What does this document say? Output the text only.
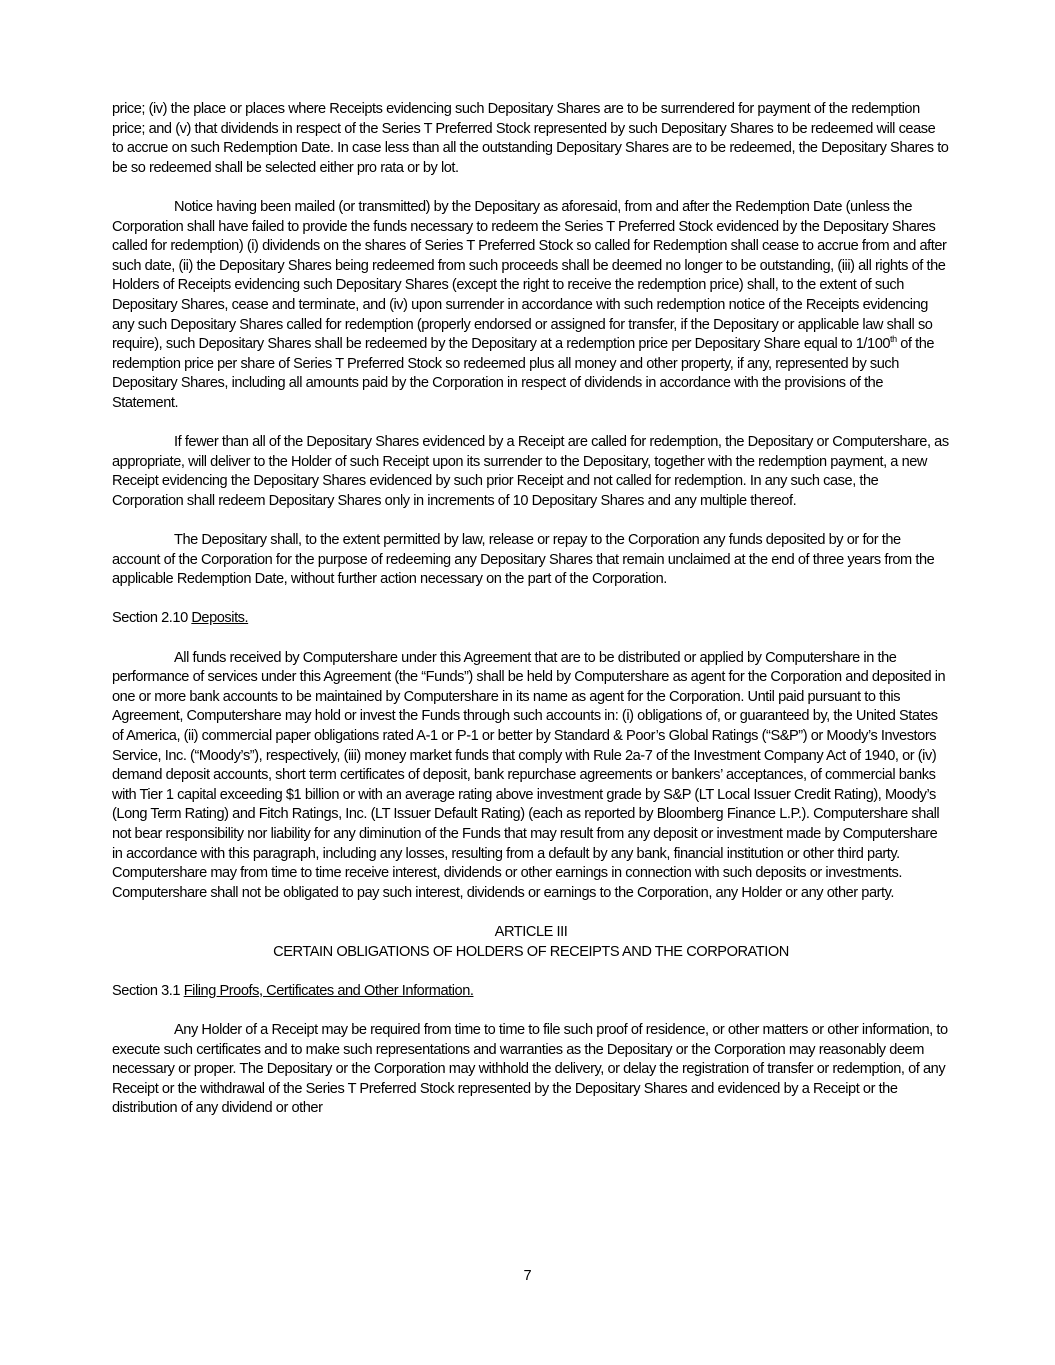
price; (iv) the place or places where Receipts evidencing such Depositary Shares are to be surrendered for payment of the redemption price; and (v) that dividends in respect of the Series T Preferred Stock represented by such Depositary Shares to be redeemed will cease to accrue on such Redemption Date. In case less than all the outstanding Depositary Shares are to be redeemed, the Depositary Shares to be so redeemed shall be selected either pro rata or by lot.

Notice having been mailed (or transmitted) by the Depositary as aforesaid, from and after the Redemption Date (unless the Corporation shall have failed to provide the funds necessary to redeem the Series T Preferred Stock evidenced by the Depositary Shares called for redemption) (i) dividends on the shares of Series T Preferred Stock so called for Redemption shall cease to accrue from and after such date, (ii) the Depositary Shares being redeemed from such proceeds shall be deemed no longer to be outstanding, (iii) all rights of the Holders of Receipts evidencing such Depositary Shares (except the right to receive the redemption price) shall, to the extent of such Depositary Shares, cease and terminate, and (iv) upon surrender in accordance with such redemption notice of the Receipts evidencing any such Depositary Shares called for redemption (properly endorsed or assigned for transfer, if the Depositary or applicable law shall so require), such Depositary Shares shall be redeemed by the Depositary at a redemption price per Depositary Share equal to 1/100th of the redemption price per share of Series T Preferred Stock so redeemed plus all money and other property, if any, represented by such Depositary Shares, including all amounts paid by the Corporation in respect of dividends in accordance with the provisions of the Statement.

If fewer than all of the Depositary Shares evidenced by a Receipt are called for redemption, the Depositary or Computershare, as appropriate, will deliver to the Holder of such Receipt upon its surrender to the Depositary, together with the redemption payment, a new Receipt evidencing the Depositary Shares evidenced by such prior Receipt and not called for redemption. In any such case, the Corporation shall redeem Depositary Shares only in increments of 10 Depositary Shares and any multiple thereof.

The Depositary shall, to the extent permitted by law, release or repay to the Corporation any funds deposited by or for the account of the Corporation for the purpose of redeeming any Depositary Shares that remain unclaimed at the end of three years from the applicable Redemption Date, without further action necessary on the part of the Corporation.

Section 2.10 Deposits.

All funds received by Computershare under this Agreement that are to be distributed or applied by Computershare in the performance of services under this Agreement (the “Funds”) shall be held by Computershare as agent for the Corporation and deposited in one or more bank accounts to be maintained by Computershare in its name as agent for the Corporation. Until paid pursuant to this Agreement, Computershare may hold or invest the Funds through such accounts in: (i) obligations of, or guaranteed by, the United States of America, (ii) commercial paper obligations rated A-1 or P-1 or better by Standard & Poor’s Global Ratings (“S&P”) or Moody’s Investors Service, Inc. (“Moody’s”), respectively, (iii) money market funds that comply with Rule 2a-7 of the Investment Company Act of 1940, or (iv) demand deposit accounts, short term certificates of deposit, bank repurchase agreements or bankers’ acceptances, of commercial banks with Tier 1 capital exceeding $1 billion or with an average rating above investment grade by S&P (LT Local Issuer Credit Rating), Moody’s (Long Term Rating) and Fitch Ratings, Inc. (LT Issuer Default Rating) (each as reported by Bloomberg Finance L.P.). Computershare shall not bear responsibility nor liability for any diminution of the Funds that may result from any deposit or investment made by Computershare in accordance with this paragraph, including any losses, resulting from a default by any bank, financial institution or other third party. Computershare may from time to time receive interest, dividends or other earnings in connection with such deposits or investments. Computershare shall not be obligated to pay such interest, dividends or earnings to the Corporation, any Holder or any other party.

ARTICLE III

CERTAIN OBLIGATIONS OF HOLDERS OF RECEIPTS AND THE CORPORATION

Section 3.1 Filing Proofs, Certificates and Other Information.

Any Holder of a Receipt may be required from time to time to file such proof of residence, or other matters or other information, to execute such certificates and to make such representations and warranties as the Depositary or the Corporation may reasonably deem necessary or proper. The Depositary or the Corporation may withhold the delivery, or delay the registration of transfer or redemption, of any Receipt or the withdrawal of the Series T Preferred Stock represented by the Depositary Shares and evidenced by a Receipt or the distribution of any dividend or other

7
